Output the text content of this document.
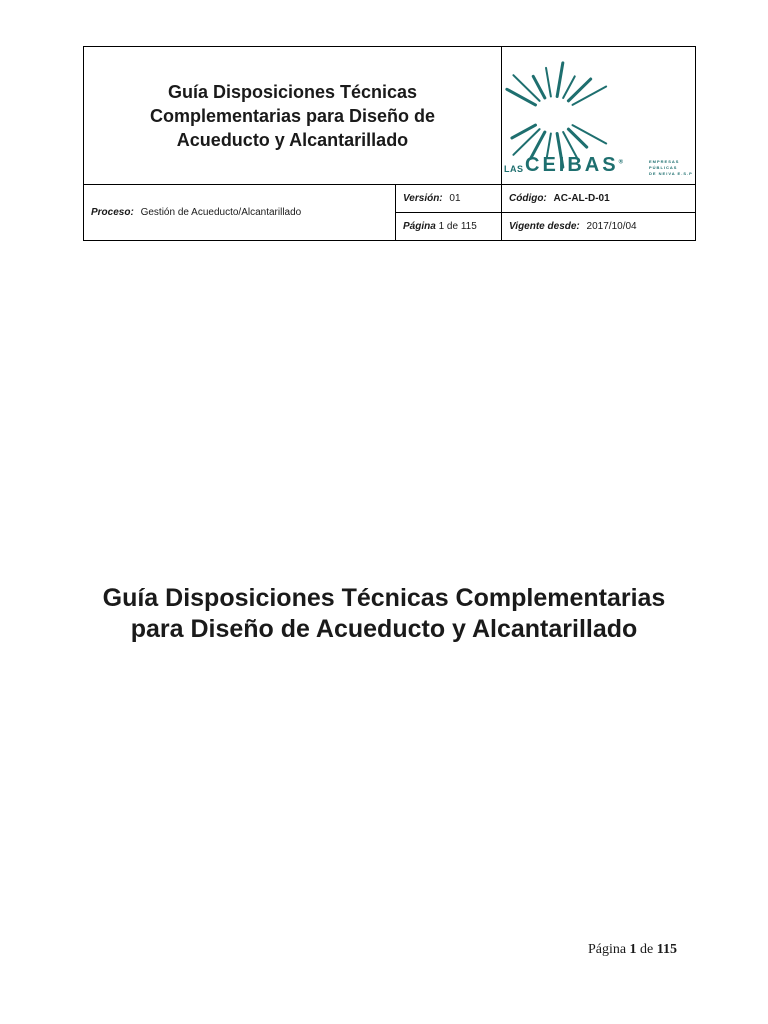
Guía Disposiciones Técnicas
Complementarias para Diseño de
Acueducto y Alcantarillado		LAS CEIBAS® EMPRESAS
PÚBLICAS
DE NEIVA E.S.P

Proceso: Gestión de Acueducto/Alcantarillado	Versión: 01	Código: AC-AL-D-01
	Página 1 de 115	Vigente desde: 2017/10/04
Guía Disposiciones Técnicas Complementarias
para Diseño de Acueducto y Alcantarillado
Página 1 de 115
